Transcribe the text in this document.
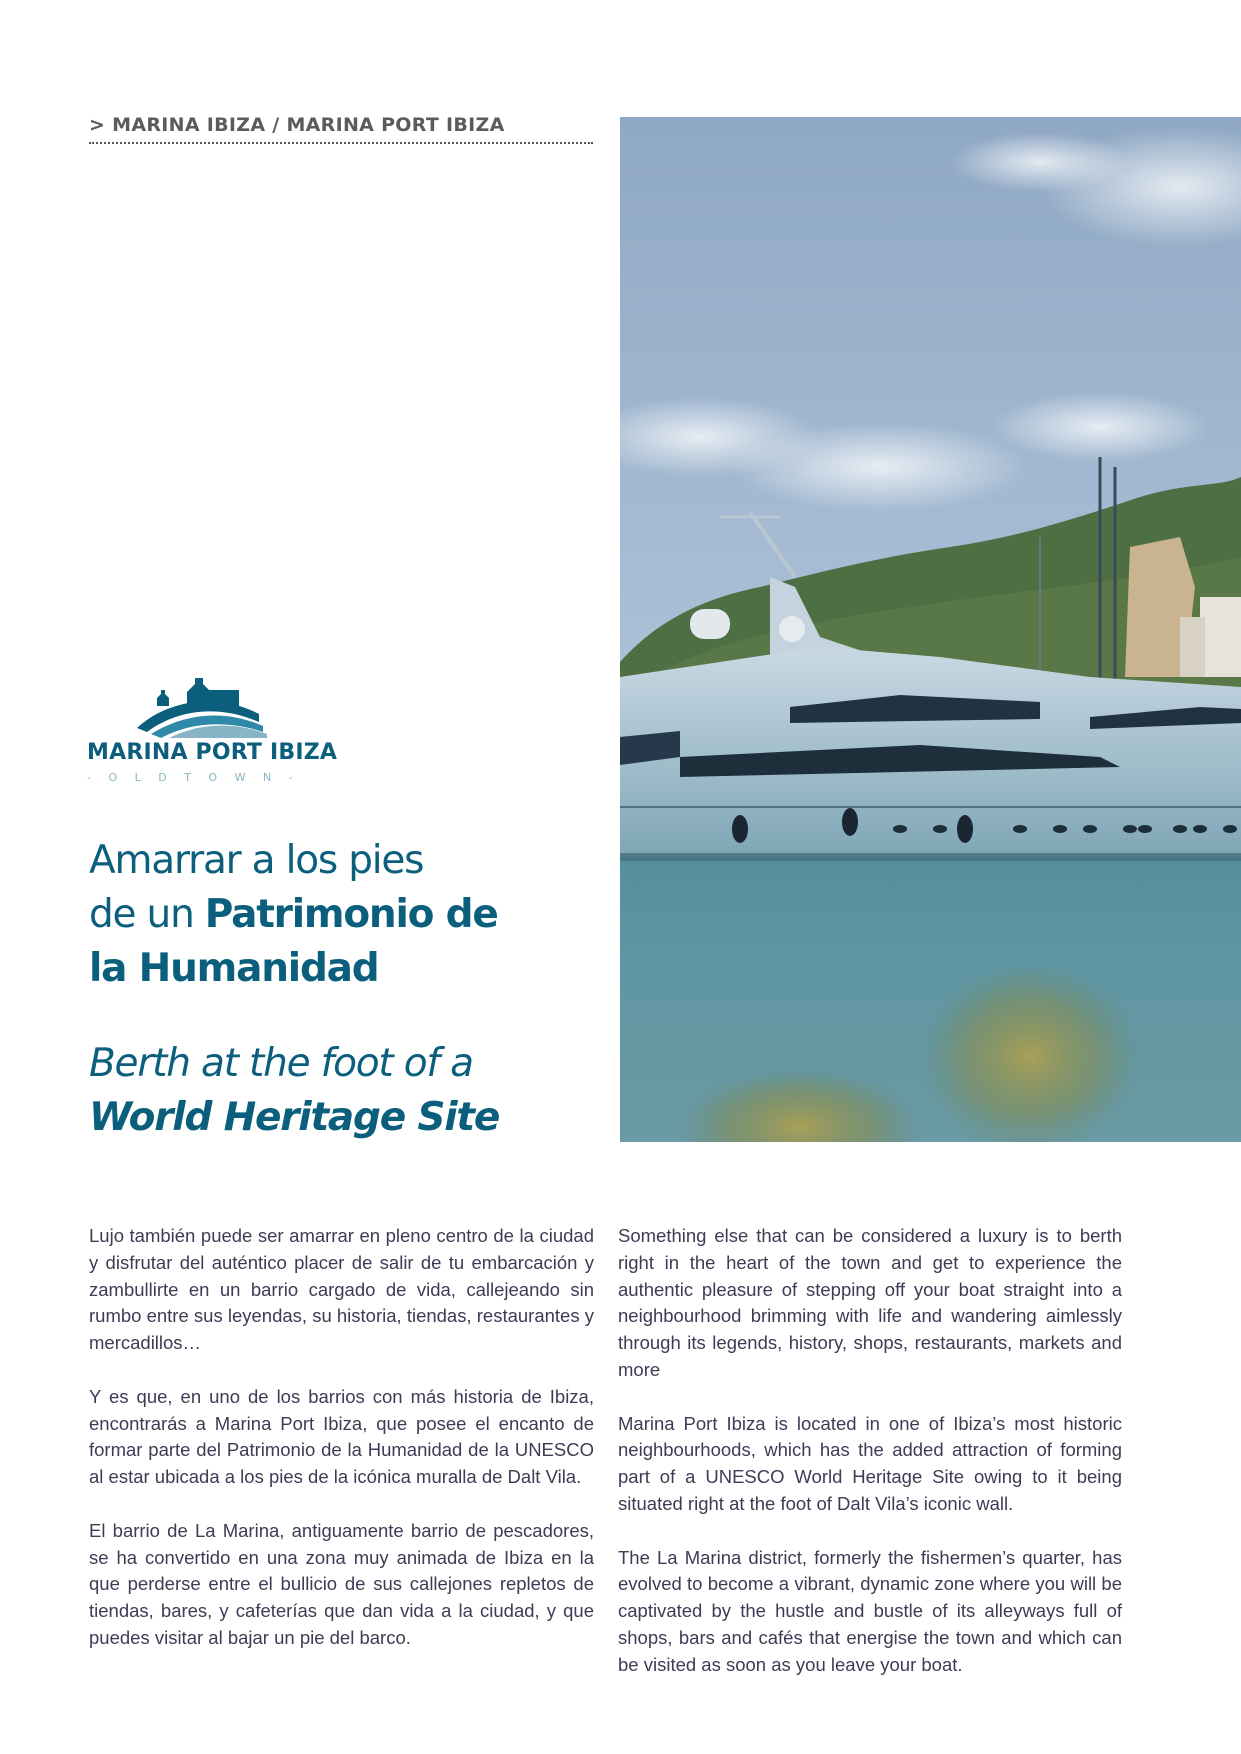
> MARINA IBIZA / MARINA PORT IBIZA
MARINA PORT IBIZA
- O L D T O W N -
Amarrar a los pies
de un Patrimonio de
la Humanidad
Berth at the foot of a
World Heritage Site

Lujo también puede ser amarrar en pleno centro de la ciudad y disfrutar del auténtico placer de salir de tu embarcación y zambullirte en un barrio cargado de vida, callejeando sin rumbo entre sus leyendas, su historia, tiendas, restaurantes y mercadillos…

Y es que, en uno de los barrios con más historia de Ibiza, encontrarás a Marina Port Ibiza, que posee el encanto de formar parte del Patrimonio de la Humanidad de la UNESCO al estar ubicada a los pies de la icónica muralla de Dalt Vila.

El barrio de La Marina, antiguamente barrio de pescadores, se ha convertido en una zona muy animada de Ibiza en la que perderse entre el bullicio de sus callejones repletos de tiendas, bares, y cafeterías que dan vida a la ciudad, y que puedes visitar al bajar un pie del barco.

Something else that can be considered a luxury is to berth right in the heart of the town and get to experience the authentic pleasure of stepping off your boat straight into a neighbourhood brimming with life and wandering aimlessly through its legends, history, shops, restaurants, markets and more

Marina Port Ibiza is located in one of Ibiza’s most historic neighbourhoods, which has the added attraction of forming part of a UNESCO World Heritage Site owing to it being situated right at the foot of Dalt Vila’s iconic wall.

The La Marina district, formerly the fishermen’s quarter, has evolved to become a vibrant, dynamic zone where you will be captivated by the hustle and bustle of its alleyways full of shops, bars and cafés that energise the town and which can be visited as soon as you leave your boat.
